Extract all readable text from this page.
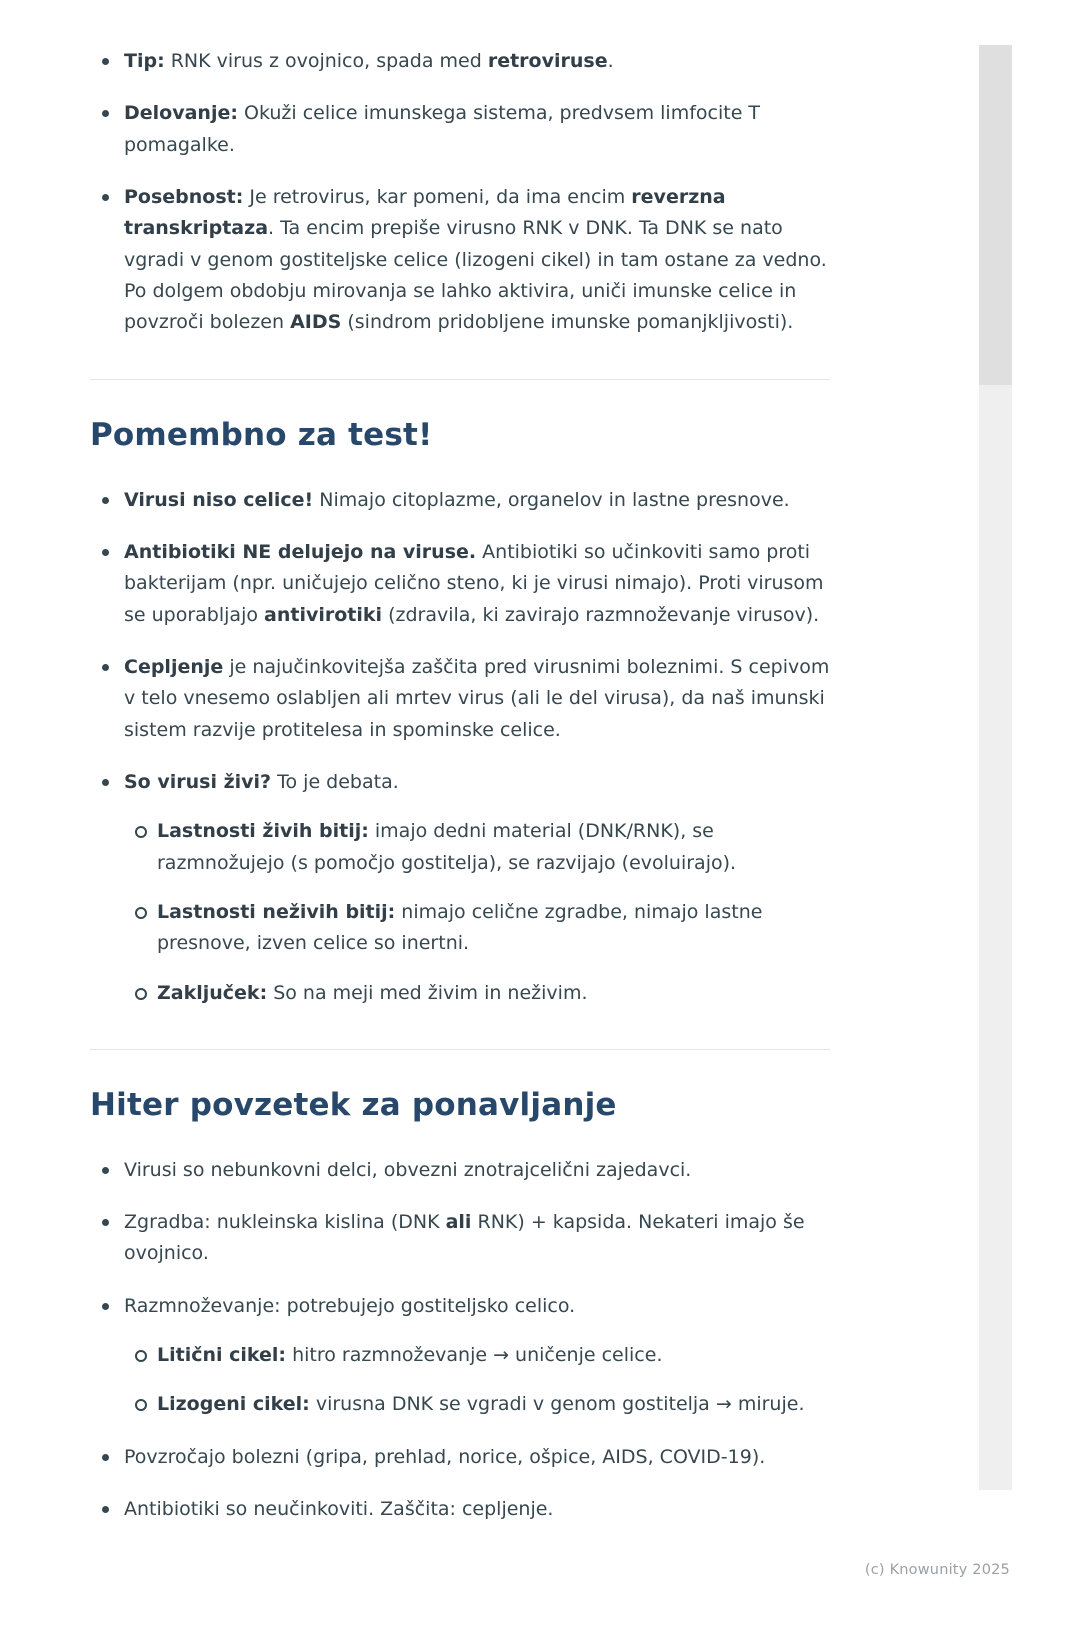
Tip: RNK virus z ovojnico, spada med retroviruse.
Delovanje: Okuži celice imunskega sistema, predvsem limfocite T pomagalke.
Posebnost: Je retrovirus, kar pomeni, da ima encim reverzna transkriptaza. Ta encim prepiše virusno RNK v DNK. Ta DNK se nato vgradi v genom gostiteljske celice (lizogeni cikel) in tam ostane za vedno. Po dolgem obdobju mirovanja se lahko aktivira, uniči imunske celice in povzroči bolezen AIDS (sindrom pridobljene imunske pomanjkljivosti).
Pomembno za test!
Virusi niso celice! Nimajo citoplazme, organelov in lastne presnove.
Antibiotiki NE delujejo na viruse. Antibiotiki so učinkoviti samo proti bakterijam (npr. uničujejo celično steno, ki je virusi nimajo). Proti virusom se uporabljajo antivirotiki (zdravila, ki zavirajo razmnoževanje virusov).
Cepljenje je najučinkovitejša zaščita pred virusnimi boleznimi. S cepivom v telo vnesemo oslabljen ali mrtev virus (ali le del virusa), da naš imunski sistem razvije protitelesa in spominske celice.
So virusi živi? To je debata.
Lastnosti živih bitij: imajo dedni material (DNK/RNK), se razmnožujejo (s pomočjo gostitelja), se razvijajo (evoluirajo).
Lastnosti neživih bitij: nimajo celične zgradbe, nimajo lastne presnove, izven celice so inertni.
Zaključek: So na meji med živim in neživim.
Hiter povzetek za ponavljanje
Virusi so nebunkovni delci, obvezni znotrajcelični zajedavci.
Zgradba: nukleinska kislina (DNK ali RNK) + kapsida. Nekateri imajo še ovojnico.
Razmnoževanje: potrebujejo gostiteljsko celico.
Litični cikel: hitro razmnoževanje → uničenje celice.
Lizogeni cikel: virusna DNK se vgradi v genom gostitelja → miruje.
Povzročajo bolezni (gripa, prehlad, norice, ošpice, AIDS, COVID-19).
Antibiotiki so neučinkoviti. Zaščita: cepljenje.
(c) Knowunity 2025
